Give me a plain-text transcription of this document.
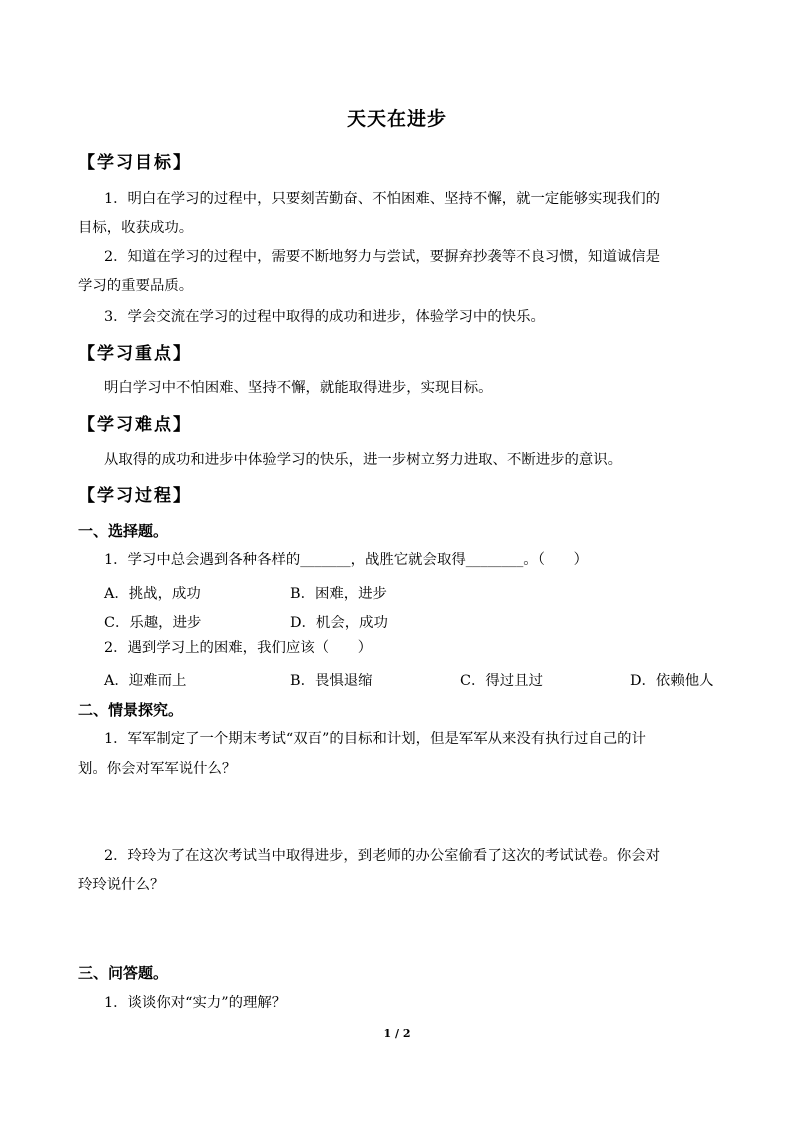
天天在进步
【学习目标】
1．明白在学习的过程中，只要刻苦勤奋、不怕困难、坚持不懈，就一定能够实现我们的
目标，收获成功。
2．知道在学习的过程中，需要不断地努力与尝试，要摒弃抄袭等不良习惯，知道诚信是
学习的重要品质。
3．学会交流在学习的过程中取得的成功和进步，体验学习中的快乐。
【学习重点】
明白学习中不怕困难、坚持不懈，就能取得进步，实现目标。
【学习难点】
从取得的成功和进步中体验学习的快乐，进一步树立努力进取、不断进步的意识。
【学习过程】
一、选择题。
1．学习中总会遇到各种各样的_______，战胜它就会取得________。（　　）
A．挑战，成功	B．困难，进步
C．乐趣，进步	D．机会，成功
2．遇到学习上的困难，我们应该（　　）
A．迎难而上	B．畏惧退缩	C．得过且过	D．依赖他人
二、情景探究。
1．军军制定了一个期末考试“双百”的目标和计划，但是军军从来没有执行过自己的计
划。你会对军军说什么？
2．玲玲为了在这次考试当中取得进步，到老师的办公室偷看了这次的考试试卷。你会对
玲玲说什么？
三、问答题。
1．谈谈你对“实力”的理解？
1 / 2
